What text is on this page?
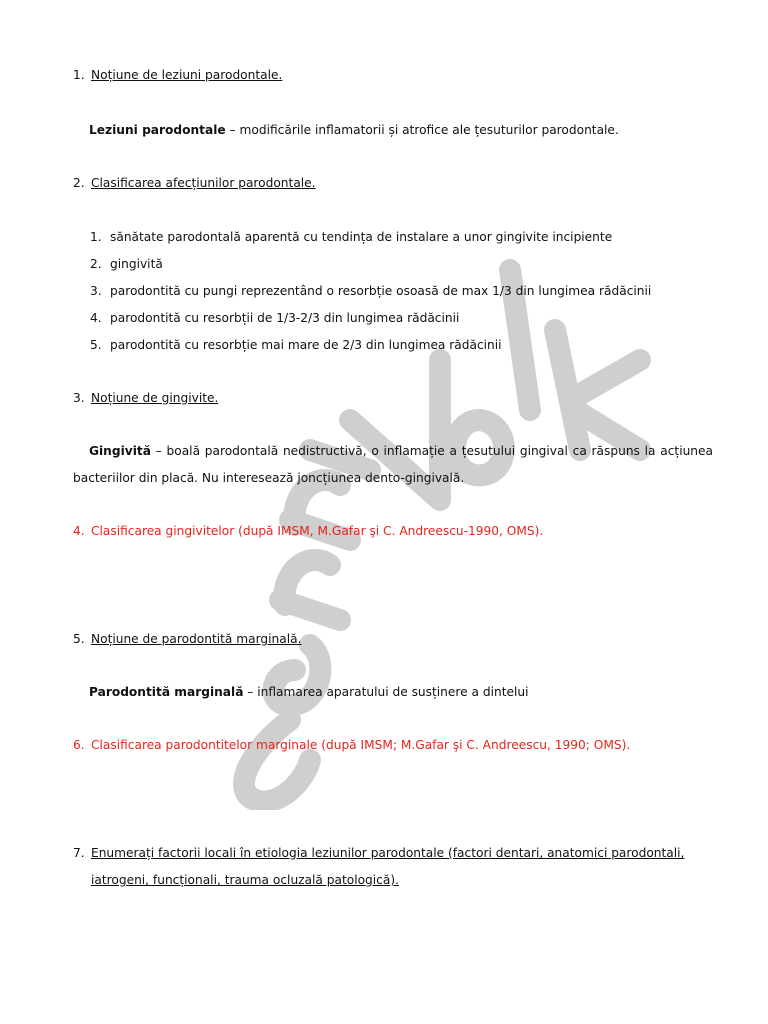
1. Noțiune de leziuni parodontale.
Leziuni parodontale – modificările inflamatorii și atrofice ale țesuturilor parodontale.
2. Clasificarea afecțiunilor parodontale.
1. sănătate parodontală aparentă cu tendința de instalare a unor gingivite incipiente
2. gingivită
3. parodontită cu pungi reprezentând o resorbție osoasă de max 1/3 din lungimea rădăcinii
4. parodontită cu resorbții de 1/3-2/3 din lungimea rădăcinii
5. parodontită cu resorbție mai mare de 2/3 din lungimea rădăcinii
3. Noțiune de gingivite.
Gingivită – boală parodontală nedistructivă, o inflamație a țesutului gingival ca răspuns la acțiunea bacteriilor din placă. Nu interesează joncțiunea dento-gingivală.
4. Clasificarea gingivitelor (după IMSM, M.Gafar şi C. Andreescu-1990, OMS).
5. Noțiune de parodontită marginală.
Parodontită marginală – inflamarea aparatului de susținere a dintelui
6. Clasificarea parodontitelor marginale (după IMSM; M.Gafar şi C. Andreescu, 1990; OMS).
7. Enumerați factorii locali în etiologia leziunilor parodontale (factori dentari, anatomici parodontali,
iatrogeni, funcționali, trauma ocluzală patologică).
